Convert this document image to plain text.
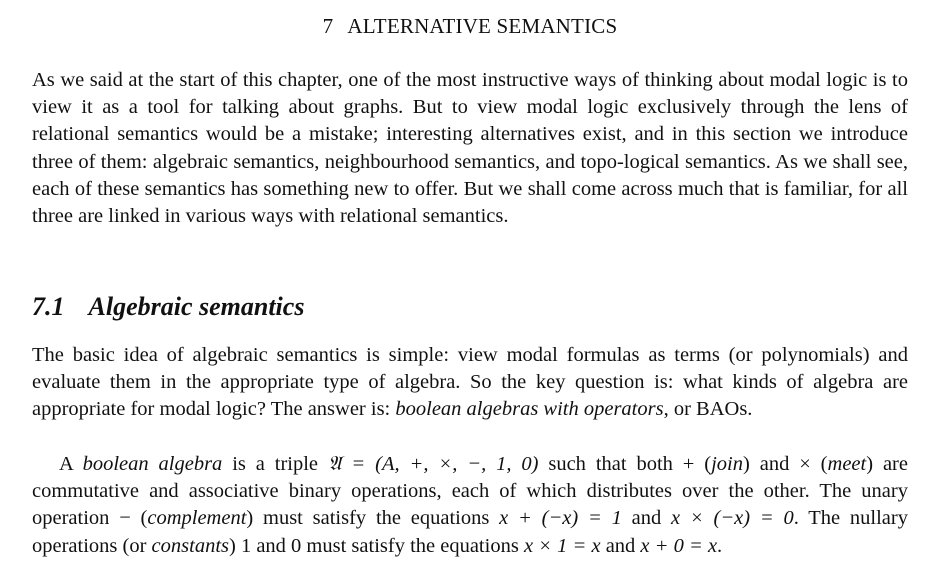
7 ALTERNATIVE SEMANTICS

As we said at the start of this chapter, one of the most instructive ways of thinking about modal logic is to view it as a tool for talking about graphs. But to view modal logic exclusively through the lens of relational semantics would be a mistake; interesting alternatives exist, and in this section we introduce three of them: algebraic semantics, neighbourhood semantics, and topo-logical semantics. As we shall see, each of these semantics has something new to offer. But we shall come across much that is familiar, for all three are linked in various ways with relational semantics.

7.1 Algebraic semantics

The basic idea of algebraic semantics is simple: view modal formulas as terms (or polynomials) and evaluate them in the appropriate type of algebra. So the key question is: what kinds of algebra are appropriate for modal logic? The answer is: boolean algebras with operators, or BAOs.

A boolean algebra is a triple 𝔄 = (A, +, ×, −, 1, 0) such that both + (join) and × (meet) are commutative and associative binary operations, each of which distributes over the other. The unary operation − (complement) must satisfy the equations x + (−x) = 1 and x × (−x) = 0. The nullary operations (or constants) 1 and 0 must satisfy the equations x × 1 = x and x + 0 = x.
